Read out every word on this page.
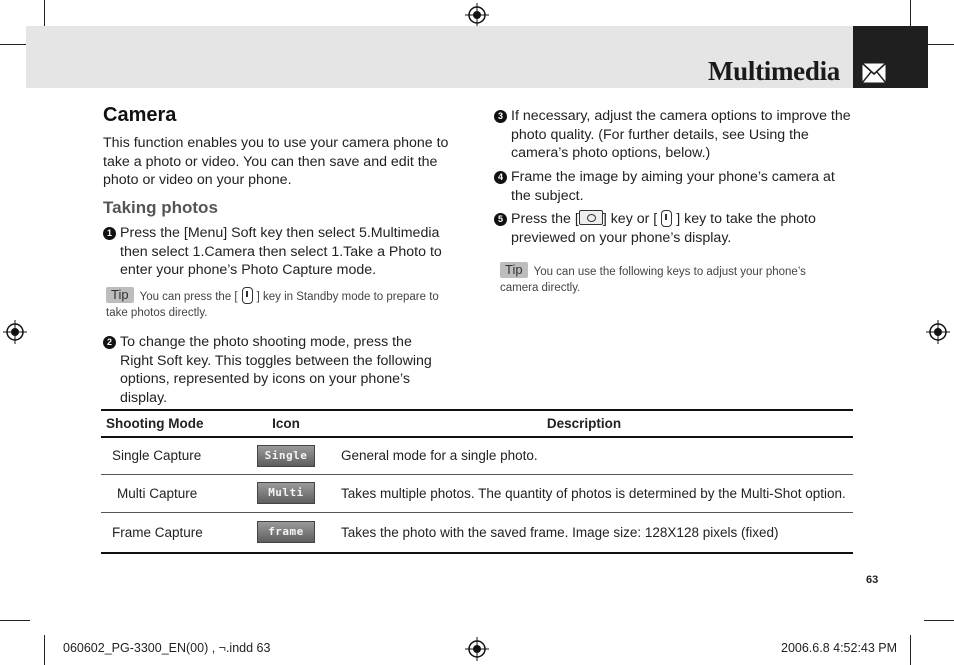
Multimedia
Camera
This function enables you to use your camera phone to take a photo or video. You can then save and edit the photo or video on your phone.
Taking photos
1 Press the [Menu] Soft key then select 5.Multimedia then select 1.Camera then select 1.Take a Photo to enter your phone’s Photo Capture mode.
Tip You can press the [ ] key in Standby mode to prepare to take photos directly.
2 To change the photo shooting mode, press the Right Soft key. This toggles between the following options, represented by icons on your phone’s display.
3 If necessary, adjust the camera options to improve the photo quality. (For further details, see Using the camera’s photo options, below.)
4 Frame the image by aiming your phone’s camera at the subject.
5 Press the [ ] key or [ ] key to take the photo previewed on your phone’s display.
Tip You can use the following keys to adjust your phone’s camera directly.
Shooting Mode	Icon	Description
Single Capture	Single	General mode for a single photo.
Multi Capture	Multi	Takes multiple photos. The quantity of photos is determined by the Multi-Shot option.
Frame Capture	frame	Takes the photo with the saved frame. Image size: 128X128 pixels (fixed)
63
060602_PG-3300_EN(00) , ¬.indd 63	2006.6.8 4:52:43 PM
